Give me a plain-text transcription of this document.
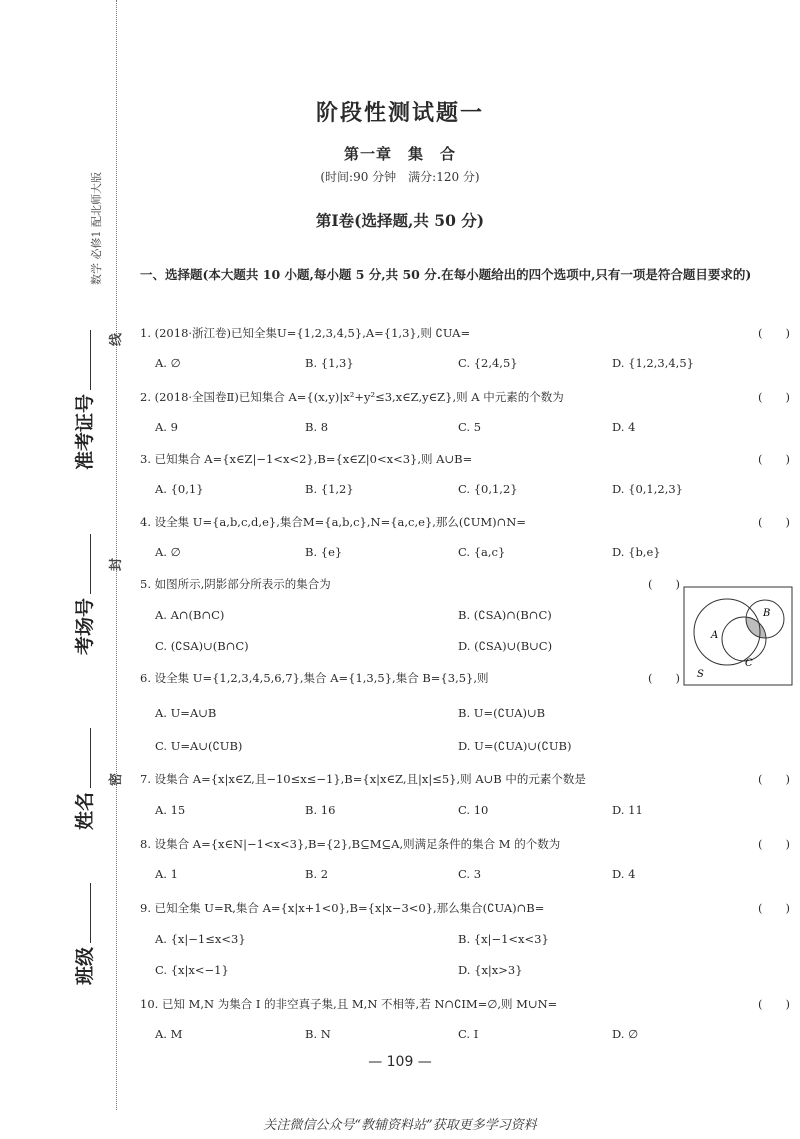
数学 必修1 配北师大版
班级
姓名
考场号
准考证号
线
封
密
阶段性测试题一
第一章　集　合
(时间:90 分钟　满分:120 分)
第Ⅰ卷(选择题,共 50 分)
一、选择题(本大题共 10 小题,每小题 5 分,共 50 分.在每小题给出的四个选项中,只有一项是符合题目要求的)
1. (2018·浙江卷)已知全集U={1,2,3,4,5},A={1,3},则 ∁UA=	(　　)
A. ∅	B. {1,3}	C. {2,4,5}	D. {1,2,3,4,5}
2. (2018·全国卷Ⅱ)已知集合 A={(x,y)|x²+y²≤3,x∈Z,y∈Z},则 A 中元素的个数为	(　　)
A. 9	B. 8	C. 5	D. 4
3. 已知集合 A={x∈Z|−1<x<2},B={x∈Z|0<x<3},则 A∪B=	(　　)
A. {0,1}	B. {1,2}	C. {0,1,2}	D. {0,1,2,3}
4. 设全集 U={a,b,c,d,e},集合M={a,b,c},N={a,c,e},那么(∁UM)∩N=	(　　)
A. ∅	B. {e}	C. {a,c}	D. {b,e}
5. 如图所示,阴影部分所表示的集合为	(　　)
A. A∩(B∩C)	B. (∁SA)∩(B∩C)
C. (∁SA)∪(B∩C)	D. (∁SA)∪(B∪C)
A
B
C
S
6. 设全集 U={1,2,3,4,5,6,7},集合 A={1,3,5},集合 B={3,5},则	(　　)
A. U=A∪B	B. U=(∁UA)∪B
C. U=A∪(∁UB)	D. U=(∁UA)∪(∁UB)
7. 设集合 A={x|x∈Z,且−10≤x≤−1},B={x|x∈Z,且|x|≤5},则 A∪B 中的元素个数是	(　　)
A. 15	B. 16	C. 10	D. 11
8. 设集合 A={x∈N|−1<x<3},B={2},B⊆M⊆A,则满足条件的集合 M 的个数为	(　　)
A. 1	B. 2	C. 3	D. 4
9. 已知全集 U=R,集合 A={x|x+1<0},B={x|x−3<0},那么集合(∁UA)∩B=	(　　)
A. {x|−1≤x<3}	B. {x|−1<x<3}
C. {x|x<−1}	D. {x|x>3}
10. 已知 M,N 为集合 I 的非空真子集,且 M,N 不相等,若 N∩∁IM=∅,则 M∪N=	(　　)
A. M	B. N	C. I	D. ∅
— 109 —
关注微信公众号“教辅资料站”获取更多学习资料
